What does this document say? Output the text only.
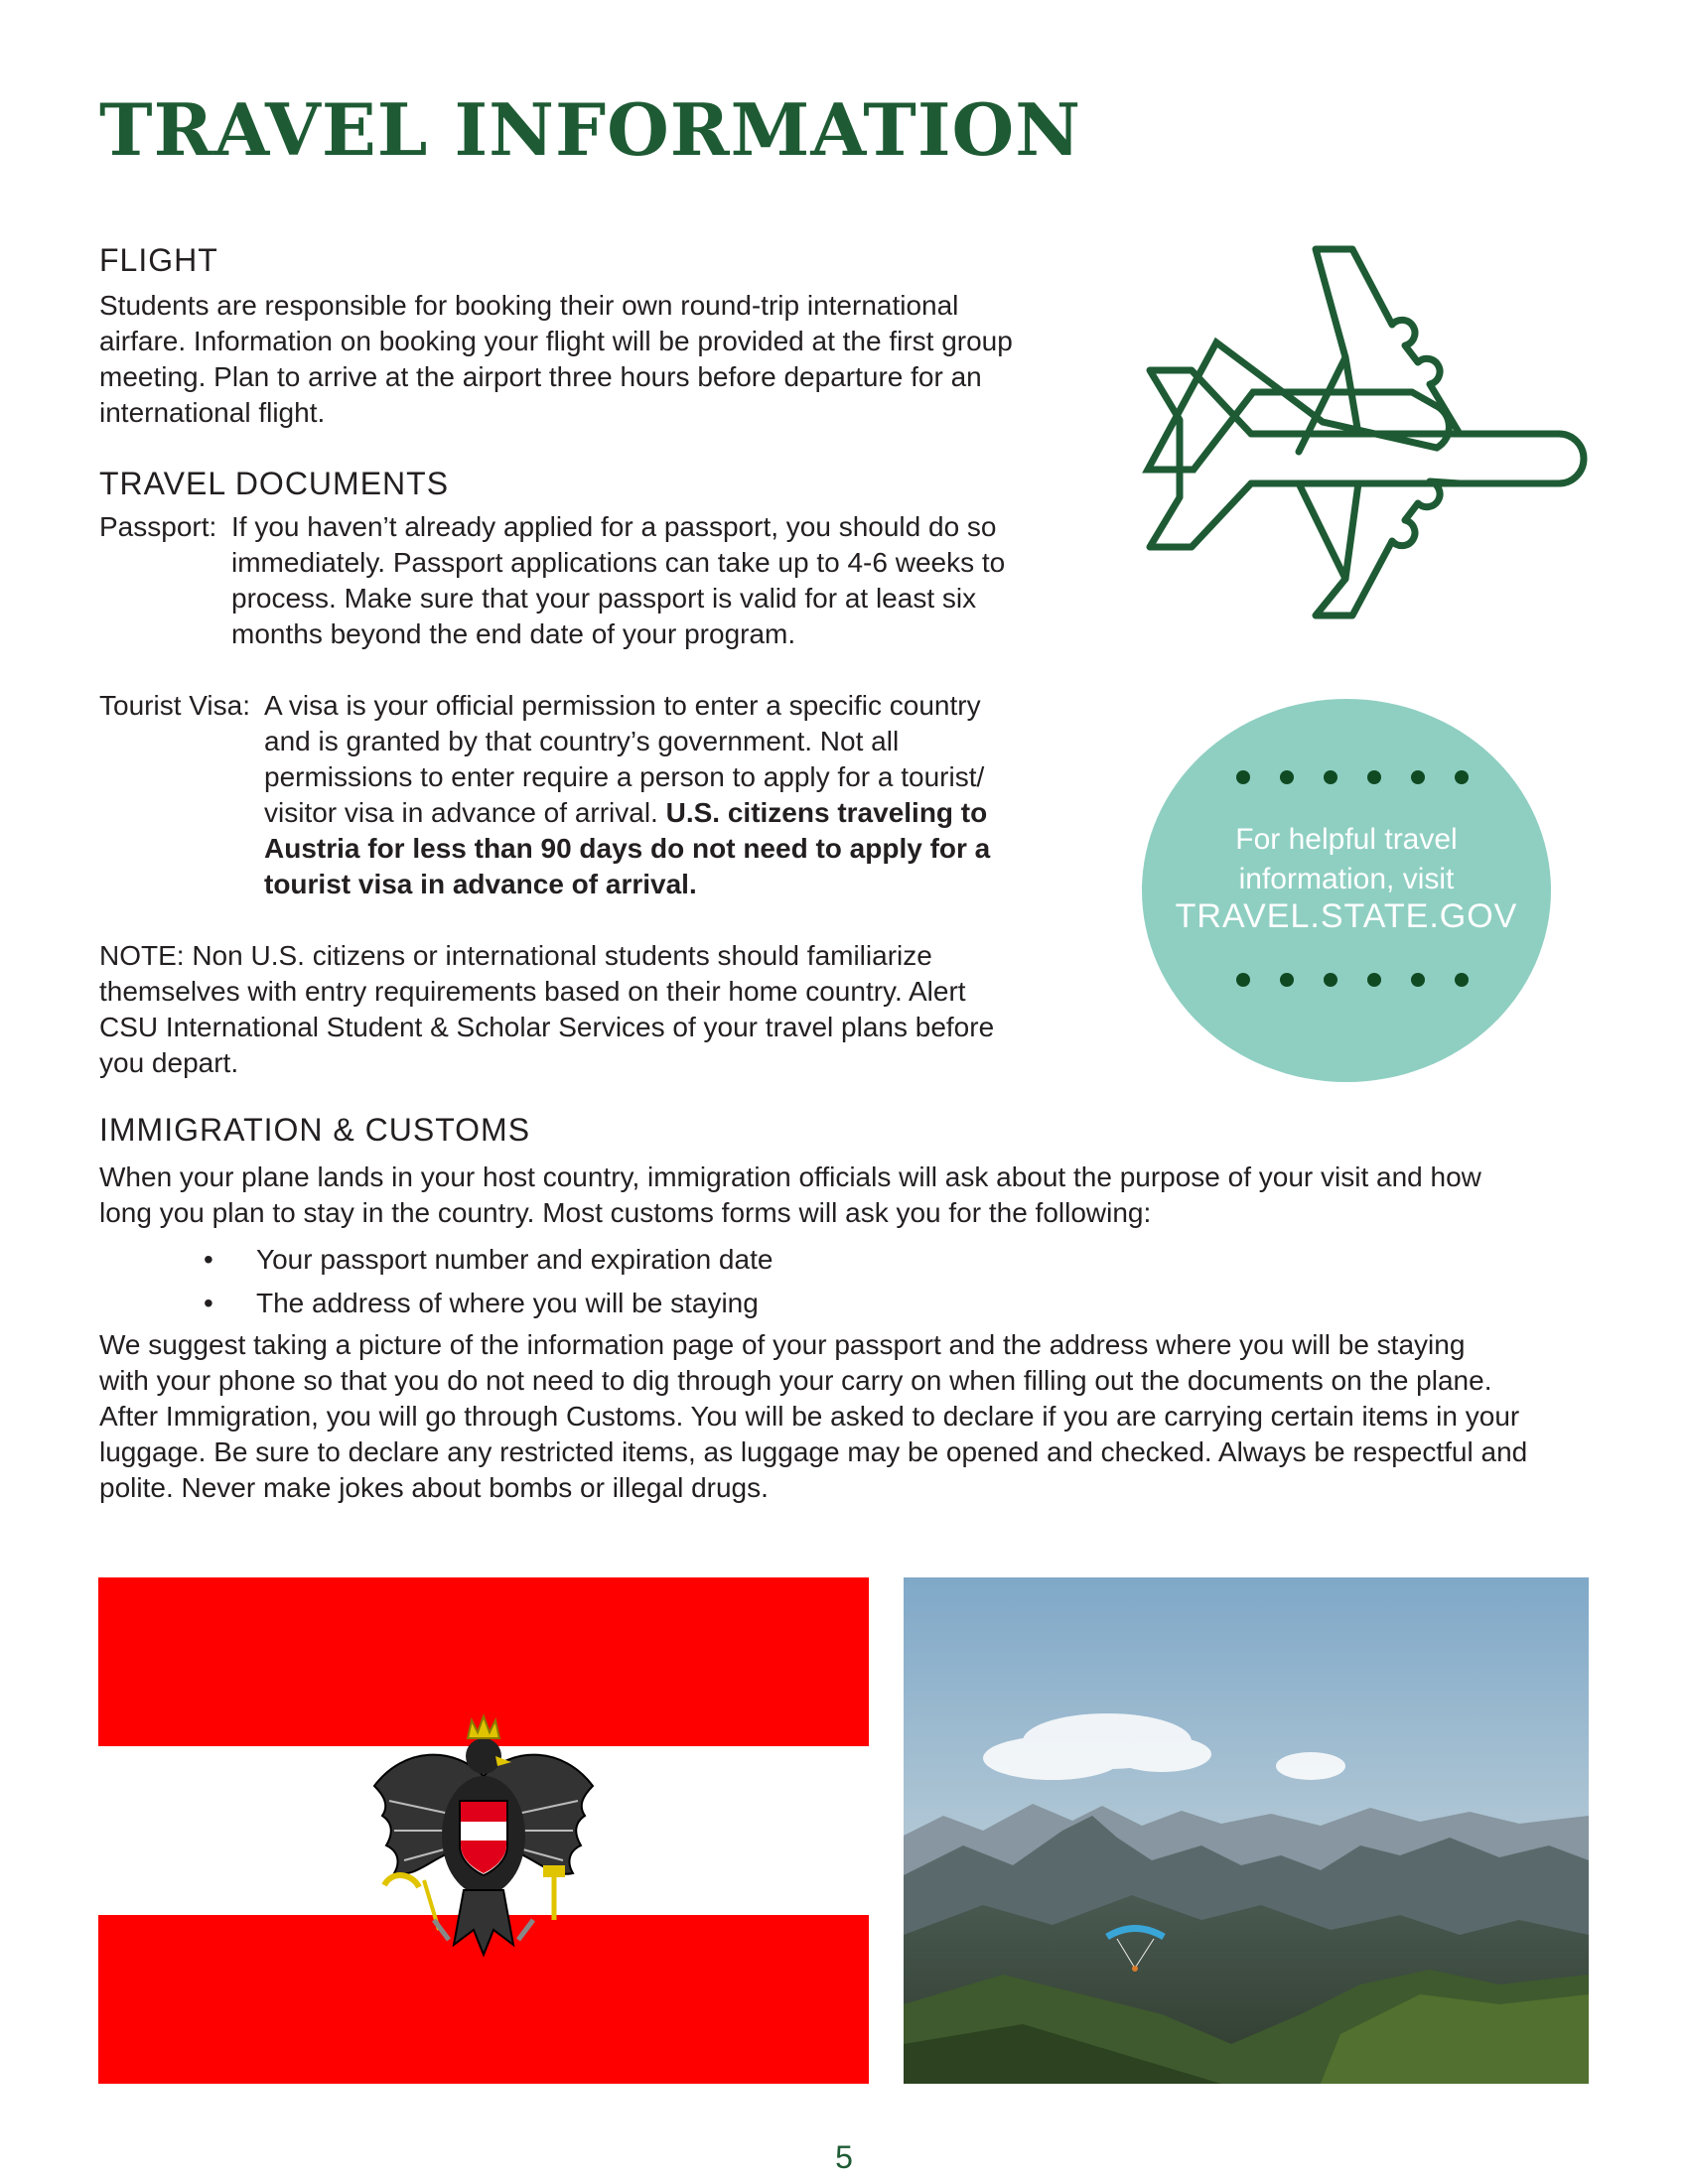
TRAVEL INFORMATION
FLIGHT

Students are responsible for booking their own round-trip international
airfare. Information on booking your flight will be provided at the first group
meeting. Plan to arrive at the airport three hours before departure for an
international flight.

TRAVEL DOCUMENTS
Passport: If you haven’t already applied for a passport, you should do so
immediately. Passport applications can take up to 4-6 weeks to
process. Make sure that your passport is valid for at least six
months beyond the end date of your program.
Tourist Visa: A visa is your official permission to enter a specific country
and is granted by that country’s government. Not all
permissions to enter require a person to apply for a tourist/
visitor visa in advance of arrival. U.S. citizens traveling to
Austria for less than 90 days do not need to apply for a
tourist visa in advance of arrival.

NOTE: Non U.S. citizens or international students should familiarize
themselves with entry requirements based on their home country. Alert
CSU International Student & Scholar Services of your travel plans before
you depart.

For helpful travel
information, visit
TRAVEL.STATE.GOV
IMMIGRATION & CUSTOMS

When your plane lands in your host country, immigration officials will ask about the purpose of your visit and how
long you plan to stay in the country. Most customs forms will ask you for the following:

• Your passport number and expiration date
• The address of where you will be staying

We suggest taking a picture of the information page of your passport and the address where you will be staying
with your phone so that you do not need to dig through your carry on when filling out the documents on the plane.
After Immigration, you will go through Customs. You will be asked to declare if you are carrying certain items in your
luggage. Be sure to declare any restricted items, as luggage may be opened and checked. Always be respectful and
polite. Never make jokes about bombs or illegal drugs.

5
